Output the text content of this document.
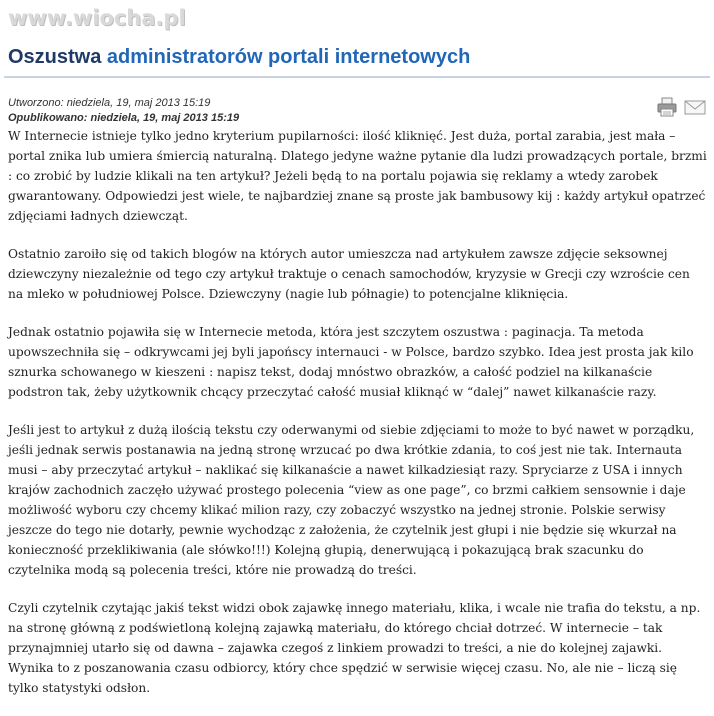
www.wiocha.pl
Oszustwa administratorów portali internetowych
Utworzono: niedziela, 19, maj 2013 15:19
Opublikowano: niedziela, 19, maj 2013 15:19

W Internecie istnieje tylko jedno kryterium pupilarności: ilość kliknięć. Jest duża, portal zarabia, jest mała – portal znika lub umiera śmiercią naturalną. Dlatego jedyne ważne pytanie dla ludzi prowadzących portale, brzmi : co zrobić by ludzie klikali na ten artykuł? Jeżeli będą to na portalu pojawia się reklamy a wtedy zarobek gwarantowany. Odpowiedzi jest wiele, te najbardziej znane są proste jak bambusowy kij : każdy artykuł opatrzeć zdjęciami ładnych dziewcząt.

Ostatnio zaroiło się od takich blogów na których autor umieszcza nad artykułem zawsze zdjęcie seksownej dziewczyny niezależnie od tego czy artykuł traktuje o cenach samochodów, kryzysie w Grecji czy wzroście cen na mleko w południowej Polsce. Dziewczyny (nagie lub półnagie) to potencjalne kliknięcia.

Jednak ostatnio pojawiła się w Internecie metoda, która jest szczytem oszustwa : paginacja. Ta metoda upowszechniła się – odkrywcami jej byli japońscy internauci - w Polsce, bardzo szybko. Idea jest prosta jak kilo sznurka schowanego w kieszeni : napisz tekst, dodaj mnóstwo obrazków, a całość podziel na kilkanaście podstron tak, żeby użytkownik chcący przeczytać całość musiał kliknąć w “dalej” nawet kilkanaście razy.

Jeśli jest to artykuł z dużą ilością tekstu czy oderwanymi od siebie zdjęciami to może to być nawet w porządku, jeśli jednak serwis postanawia na jedną stronę wrzucać po dwa krótkie zdania, to coś jest nie tak. Internauta musi – aby przeczytać artykuł – naklikać się kilkanaście a nawet kilkadziesiąt razy. Spryciarze z USA i innych krajów zachodnich zaczęło używać prostego polecenia “view as one page”, co brzmi całkiem sensownie i daje możliwość wyboru czy chcemy klikać milion razy, czy zobaczyć wszystko na jednej stronie. Polskie serwisy jeszcze do tego nie dotarły, pewnie wychodząc z założenia, że czytelnik jest głupi i nie będzie się wkurzał na konieczność przeklikiwania (ale słówko!!!) Kolejną głupią, denerwującą i pokazującą brak szacunku do czytelnika modą są polecenia treści, które nie prowadzą do treści.

Czyli czytelnik czytając jakiś tekst widzi obok zajawkę innego materiału, klika, i wcale nie trafia do tekstu, a np. na stronę główną z podświetloną kolejną zajawką materiału, do którego chciał dotrzeć. W internecie – tak przynajmniej utarło się od dawna – zajawka czegoś z linkiem prowadzi to treści, a nie do kolejnej zajawki. Wynika to z poszanowania czasu odbiorcy, który chce spędzić w serwisie więcej czasu. No, ale nie – liczą się tylko statystyki odsłon.
